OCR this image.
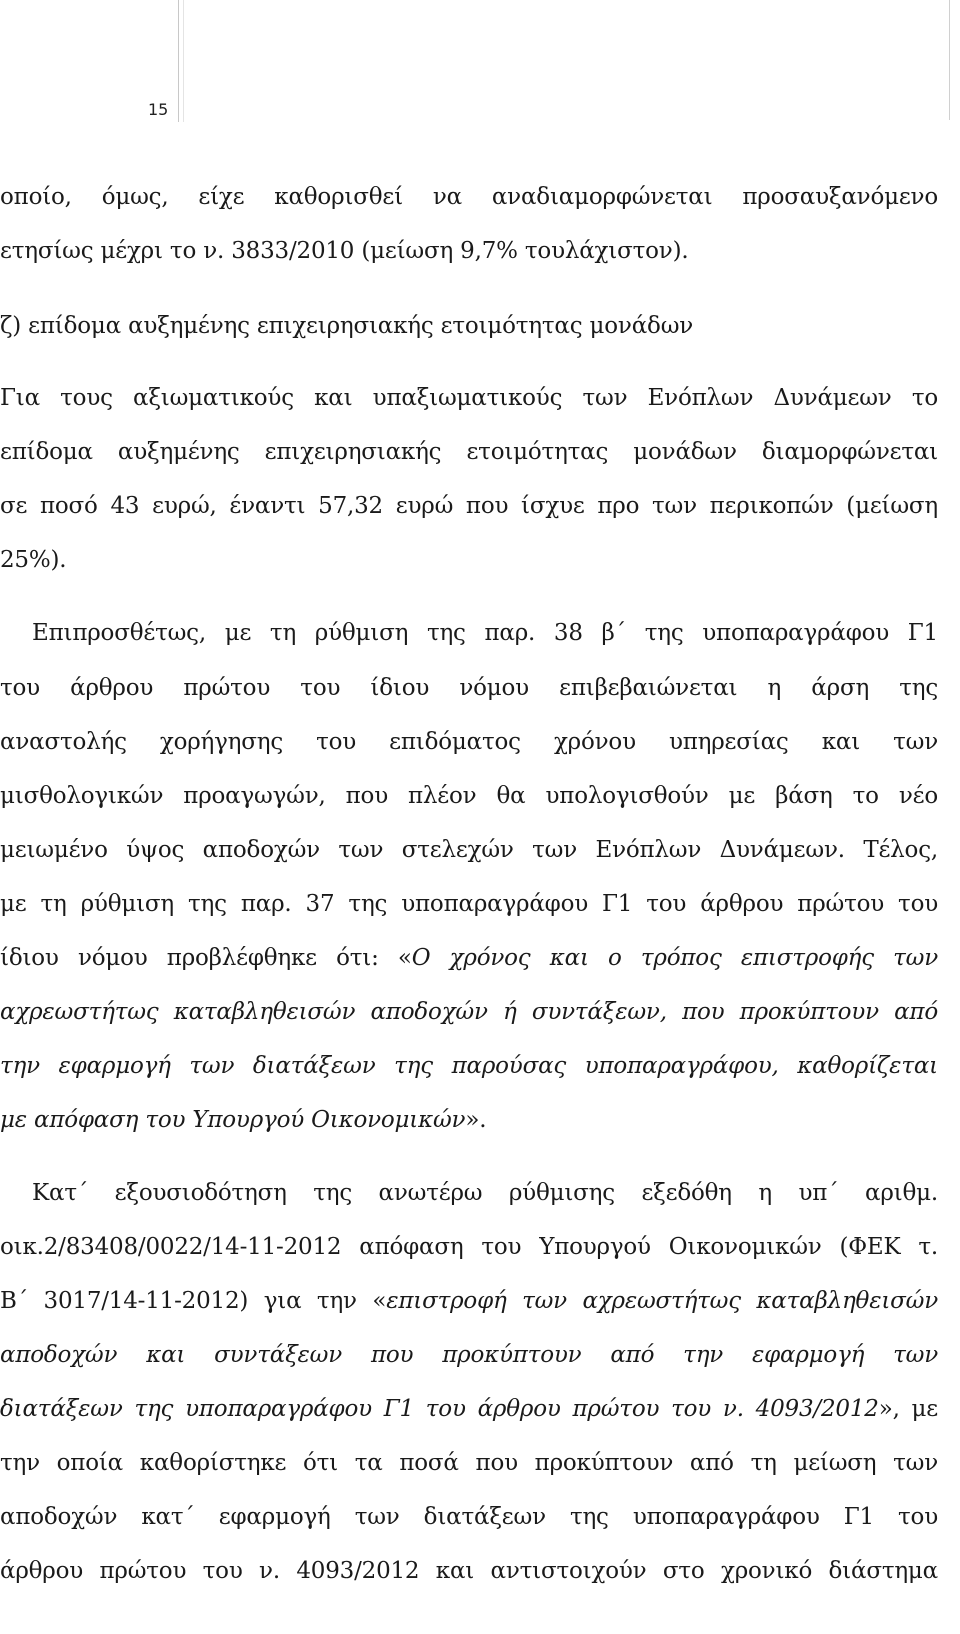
15
οποίο, όμως, είχε καθορισθεί να αναδιαμορφώνεται προσαυξανόμενο
ετησίως μέχρι το ν. 3833/2010 (μείωση 9,7% τουλάχιστον).
ζ) επίδομα αυξημένης επιχειρησιακής ετοιμότητας μονάδων
Για τους αξιωματικούς και υπαξιωματικούς των Ενόπλων Δυνάμεων το
επίδομα αυξημένης επιχειρησιακής ετοιμότητας μονάδων διαμορφώνεται
σε ποσό 43 ευρώ, έναντι 57,32 ευρώ που ίσχυε προ των περικοπών (μείωση
25%).
Επιπροσθέτως, με τη ρύθμιση της παρ. 38 β΄ της υποπαραγράφου Γ1
του άρθρου πρώτου του ίδιου νόμου επιβεβαιώνεται η άρση της
αναστολής χορήγησης του επιδόματος χρόνου υπηρεσίας και των
μισθολογικών προαγωγών, που πλέον θα υπολογισθούν με βάση το νέο
μειωμένο ύψος αποδοχών των στελεχών των Ενόπλων Δυνάμεων. Τέλος,
με τη ρύθμιση της παρ. 37 της υποπαραγράφου Γ1 του άρθρου πρώτου του
ίδιου νόμου προβλέφθηκε ότι: «Ο χρόνος και ο τρόπος επιστροφής των
αχρεωστήτως καταβληθεισών αποδοχών ή συντάξεων, που προκύπτουν από
την εφαρμογή των διατάξεων της παρούσας υποπαραγράφου, καθορίζεται
με απόφαση του Υπουργού Οικονομικών».
Κατ΄ εξουσιοδότηση της ανωτέρω ρύθμισης εξεδόθη η υπ΄ αριθμ.
οικ.2/83408/0022/14-11-2012 απόφαση του Υπουργού Οικονομικών (ΦΕΚ τ.
Β΄ 3017/14-11-2012) για την «επιστροφή των αχρεωστήτως καταβληθεισών
αποδοχών και συντάξεων που προκύπτουν από την εφαρμογή των
διατάξεων της υποπαραγράφου Γ1 του άρθρου πρώτου του ν. 4093/2012», με
την οποία καθορίστηκε ότι τα ποσά που προκύπτουν από τη μείωση των
αποδοχών κατ΄ εφαρμογή των διατάξεων της υποπαραγράφου Γ1 του
άρθρου πρώτου του ν. 4093/2012 και αντιστοιχούν στο χρονικό διάστημα
